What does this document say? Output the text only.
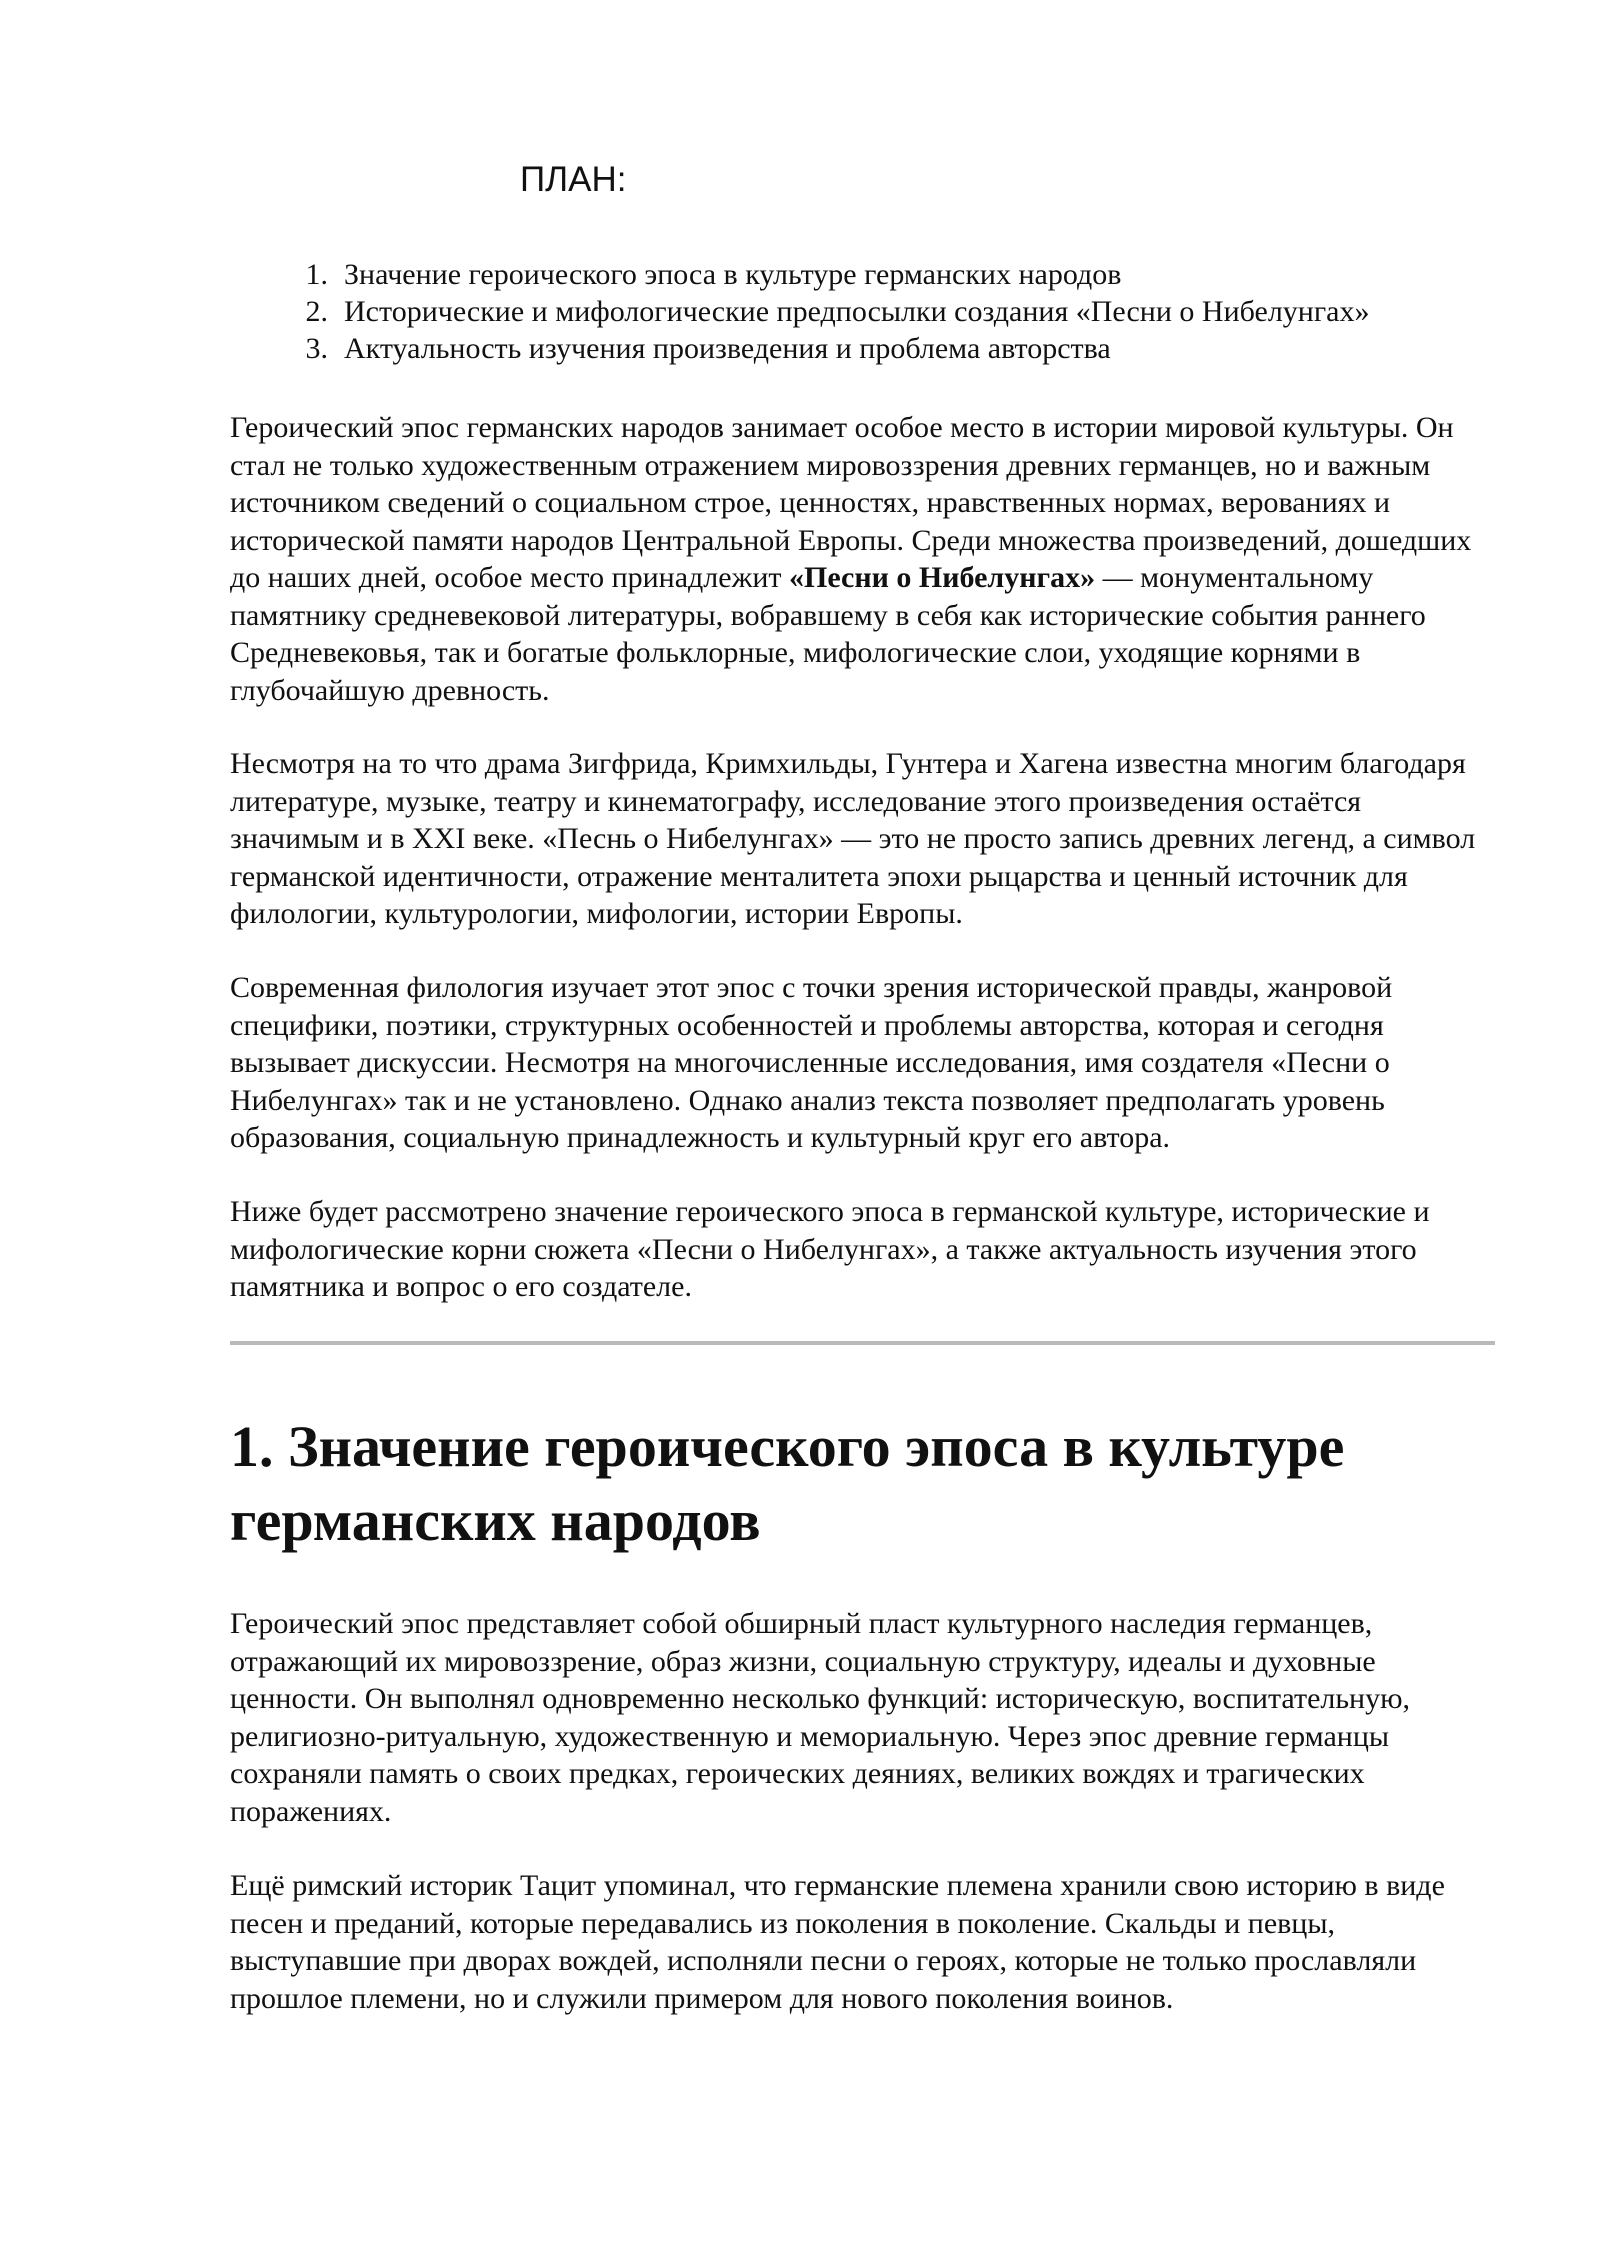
ПЛАН:
1. Значение героического эпоса в культуре германских народов
2. Исторические и мифологические предпосылки создания «Песни о Нибелунгах»
3. Актуальность изучения произведения и проблема авторства

Героический эпос германских народов занимает особое место в истории мировой культуры. Он стал не только художественным отражением мировоззрения древних германцев, но и важным источником сведений о социальном строе, ценностях, нравственных нормах, верованиях и исторической памяти народов Центральной Европы. Среди множества произведений, дошедших до наших дней, особое место принадлежит «Песни о Нибелунгах» — монументальному памятнику средневековой литературы, вобравшему в себя как исторические события раннего Средневековья, так и богатые фольклорные, мифологические слои, уходящие корнями в глубочайшую древность.

Несмотря на то что драма Зигфрида, Кримхильды, Гунтера и Хагена известна многим благодаря литературе, музыке, театру и кинематографу, исследование этого произведения остаётся значимым и в XXI веке. «Песнь о Нибелунгах» — это не просто запись древних легенд, а символ германской идентичности, отражение менталитета эпохи рыцарства и ценный источник для филологии, культурологии, мифологии, истории Европы.

Современная филология изучает этот эпос с точки зрения исторической правды, жанровой специфики, поэтики, структурных особенностей и проблемы авторства, которая и сегодня вызывает дискуссии. Несмотря на многочисленные исследования, имя создателя «Песни о Нибелунгах» так и не установлено. Однако анализ текста позволяет предполагать уровень образования, социальную принадлежность и культурный круг его автора.

Ниже будет рассмотрено значение героического эпоса в германской культуре, исторические и мифологические корни сюжета «Песни о Нибелунгах», а также актуальность изучения этого памятника и вопрос о его создателе.

1. Значение героического эпоса в культуре германских народов

Героический эпос представляет собой обширный пласт культурного наследия германцев, отражающий их мировоззрение, образ жизни, социальную структуру, идеалы и духовные ценности. Он выполнял одновременно несколько функций: историческую, воспитательную, религиозно-ритуальную, художественную и мемориальную. Через эпос древние германцы сохраняли память о своих предках, героических деяниях, великих вождях и трагических поражениях.

Ещё римский историк Тацит упоминал, что германские племена хранили свою историю в виде песен и преданий, которые передавались из поколения в поколение. Скальды и певцы, выступавшие при дворах вождей, исполняли песни о героях, которые не только прославляли прошлое племени, но и служили примером для нового поколения воинов.
